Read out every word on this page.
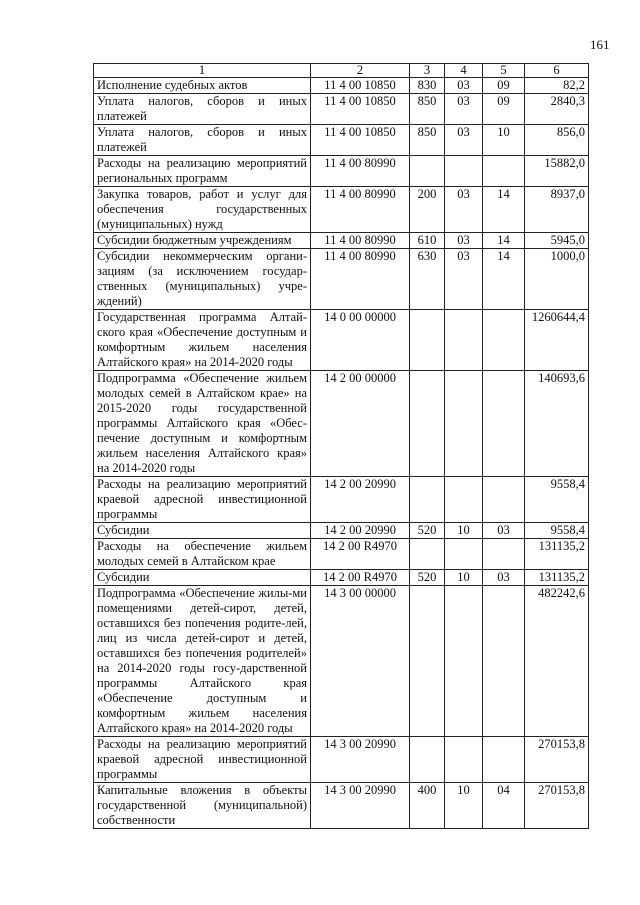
161
1	2	3	4	5	6
Исполнение судебных актов	11 4 00 10850	830	03	09	82,2
Уплата налогов, сборов и иных платежей	11 4 00 10850	850	03	09	2840,3
Уплата налогов, сборов и иных платежей	11 4 00 10850	850	03	10	856,0
Расходы на реализацию мероприятий региональных программ	11 4 00 80990				15882,0
Закупка товаров, работ и услуг для обеспечения государственных (муниципальных) нужд	11 4 00 80990	200	03	14	8937,0
Субсидии бюджетным учреждениям	11 4 00 80990	610	03	14	5945,0
Субсидии некоммерческим органи-зациям (за исключением государ-ственных (муниципальных) учре-ждений)	11 4 00 80990	630	03	14	1000,0
Государственная программа Алтай-ского края «Обеспечение доступным и комфортным жильем населения Алтайского края» на 2014-2020 годы	14 0 00 00000				1260644,4
Подпрограмма «Обеспечение жильем молодых семей в Алтайском крае» на 2015-2020 годы государственной программы Алтайского края «Обес-печение доступным и комфортным жильем населения Алтайского края» на 2014-2020 годы	14 2 00 00000				140693,6
Расходы на реализацию мероприятий краевой адресной инвестиционной программы	14 2 00 20990				9558,4
Субсидии	14 2 00 20990	520	10	03	9558,4
Расходы на обеспечение жильем молодых семей в Алтайском крае	14 2 00 R4970				131135,2
Субсидии	14 2 00 R4970	520	10	03	131135,2
Подпрограмма «Обеспечение жилы-ми помещениями детей-сирот, детей, оставшихся без попечения родите-лей, лиц из числа детей-сирот и детей, оставшихся без попечения родителей» на 2014-2020 годы госу-дарственной программы Алтайского края «Обеспечение доступным и комфортным жильем населения Алтайского края» на 2014-2020 годы	14 3 00 00000				482242,6
Расходы на реализацию мероприятий краевой адресной инвестиционной программы	14 3 00 20990				270153,8
Капитальные вложения в объекты государственной (муниципальной) собственности	14 3 00 20990	400	10	04	270153,8
